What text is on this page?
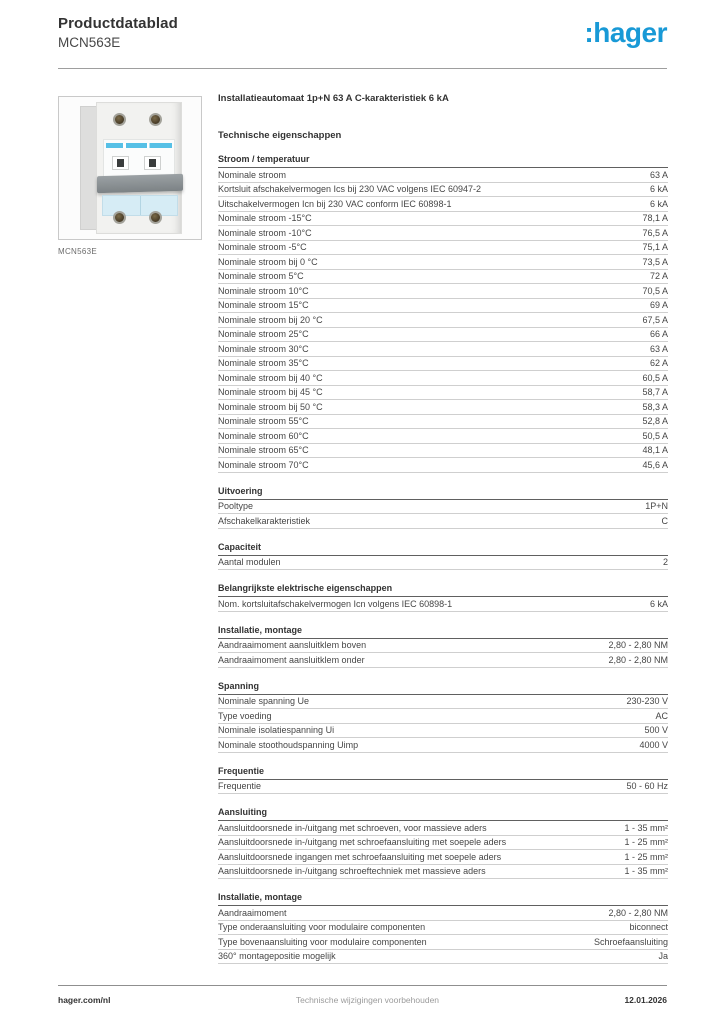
Productdatablad
MCN563E	:hager
MCN563E
Installatieautomaat 1p+N 63 A C-karakteristiek 6 kA
Technische eigenschappen
Stroom / temperatuur
Nominale stroom	63 A
Kortsluit afschakelvermogen Ics bij 230 VAC volgens IEC 60947-2	6 kA
Uitschakelvermogen Icn bij 230 VAC conform IEC 60898-1	6 kA
Nominale stroom -15°C	78,1 A
Nominale stroom -10°C	76,5 A
Nominale stroom -5°C	75,1 A
Nominale stroom bij 0 °C	73,5 A
Nominale stroom 5°C	72 A
Nominale stroom 10°C	70,5 A
Nominale stroom 15°C	69 A
Nominale stroom bij 20 °C	67,5 A
Nominale stroom 25°C	66 A
Nominale stroom 30°C	63 A
Nominale stroom 35°C	62 A
Nominale stroom bij 40 °C	60,5 A
Nominale stroom bij 45 °C	58,7 A
Nominale stroom bij 50 °C	58,3 A
Nominale stroom 55°C	52,8 A
Nominale stroom 60°C	50,5 A
Nominale stroom 65°C	48,1 A
Nominale stroom 70°C	45,6 A
Uitvoering
Pooltype	1P+N
Afschakelkarakteristiek	C
Capaciteit
Aantal modulen	2
Belangrijkste elektrische eigenschappen
Nom. kortsluitafschakelvermogen Icn volgens IEC 60898-1	6 kA
Installatie, montage
Aandraaimoment aansluitklem boven	2,80 - 2,80 NM
Aandraaimoment aansluitklem onder	2,80 - 2,80 NM
Spanning
Nominale spanning Ue	230-230 V
Type voeding	AC
Nominale isolatiespanning Ui	500 V
Nominale stoothoudspanning Uimp	4000 V
Frequentie
Frequentie	50 - 60 Hz
Aansluiting
Aansluitdoorsnede in-/uitgang met schroeven, voor massieve aders	1 - 35 mm²
Aansluitdoorsnede in-/uitgang met schroefaansluiting met soepele aders	1 - 25 mm²
Aansluitdoorsnede ingangen met schroefaansluiting met soepele aders	1 - 25 mm²
Aansluitdoorsnede in-/uitgang schroeftechniek met massieve aders	1 - 35 mm²
Installatie, montage
Aandraaimoment	2,80 - 2,80 NM
Type onderaansluiting voor modulaire componenten	biconnect
Type bovenaansluiting voor modulaire componenten	Schroefaansluiting
360° montagepositie mogelijk	Ja
hager.com/nl	Technische wijzigingen voorbehouden	12.01.2026
